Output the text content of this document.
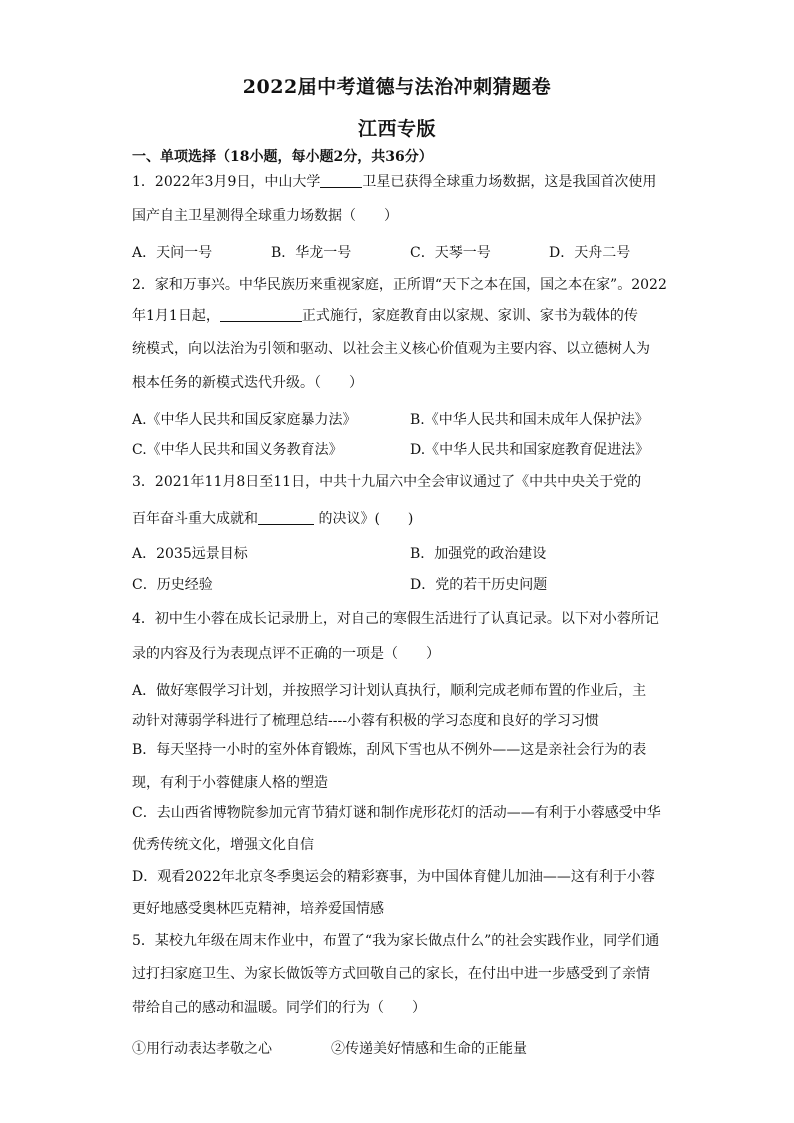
2022届中考道德与法治冲刺猜题卷
江西专版
一、单项选择（18小题，每小题2分，共36分）
1．2022年3月9日，中山大学	卫星已获得全球重力场数据，这是我国首次使用
国产自主卫星测得全球重力场数据（　　）
A．天问一号	B．华龙一号	C．天琴一号	D．天舟二号
2．家和万事兴。中华民族历来重视家庭，正所谓“天下之本在国，国之本在家”。2022
年1月1日起，	正式施行，家庭教育由以家规、家训、家书为载体的传
统模式，向以法治为引领和驱动、以社会主义核心价值观为主要内容、以立德树人为
根本任务的新模式迭代升级。（　　）
A.《中华人民共和国反家庭暴力法》	B.《中华人民共和国未成年人保护法》
C.《中华人民共和国义务教育法》	D.《中华人民共和国家庭教育促进法》
3．2021年11月8日至11日，中共十九届六中全会审议通过了《中共中央关于党的
百年奋斗重大成就和	的决议》(　　)
A．2035远景目标	B．加强党的政治建设
C．历史经验	D．党的若干历史问题
4．初中生小蓉在成长记录册上，对自己的寒假生活进行了认真记录。以下对小蓉所记
录的内容及行为表现点评不正确的一项是（　　）
A．做好寒假学习计划，并按照学习计划认真执行，顺利完成老师布置的作业后，主
动针对薄弱学科进行了梳理总结----小蓉有积极的学习态度和良好的学习习惯
B．每天坚持一小时的室外体育锻炼，刮风下雪也从不例外——这是亲社会行为的表
现，有利于小蓉健康人格的塑造
C．去山西省博物院参加元宵节猜灯谜和制作虎形花灯的活动——有利于小蓉感受中华
优秀传统文化，增强文化自信
D．观看2022年北京冬季奥运会的精彩赛事，为中国体育健儿加油——这有利于小蓉
更好地感受奥林匹克精神，培养爱国情感
5．某校九年级在周末作业中，布置了“我为家长做点什么”的社会实践作业，同学们通
过打扫家庭卫生、为家长做饭等方式回敬自己的家长，在付出中进一步感受到了亲情
带给自己的感动和温暖。同学们的行为（　　）
①用行动表达孝敬之心	②传递美好情感和生命的正能量
